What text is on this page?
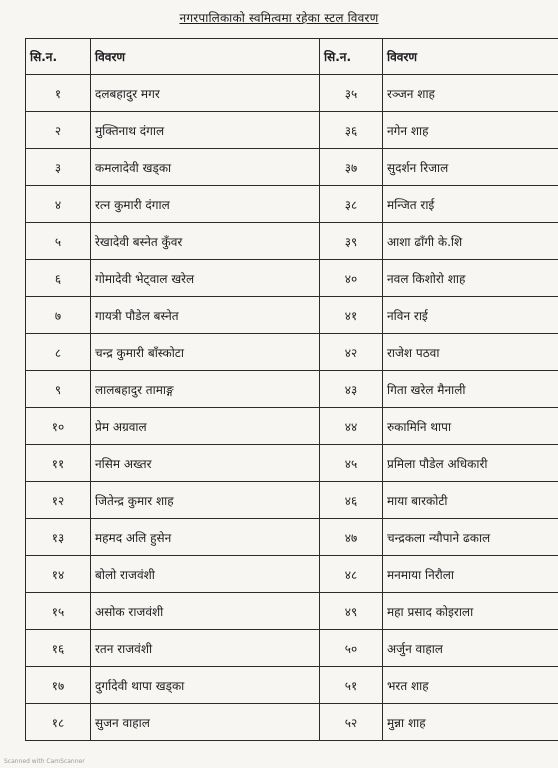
नगरपालिकाको स्वमित्वमा रहेका स्टल विवरण
सि.न.	विवरण	सि.न.	विवरण
१	दलबहादुर मगर	३५	रञ्जन शाह
२	मुक्तिनाथ दंगाल	३६	नगेन शाह
३	कमलादेवी खड्का	३७	सुदर्शन रिजाल
४	रत्न कुमारी दंगाल	३८	मन्जित राई
५	रेखादेवी बस्नेत कुँवर	३९	आशा ढाँगी के.शि
६	गोमादेवी भेट्वाल खरेल	४०	नवल किशोरो शाह
७	गायत्री पौडेल बस्नेत	४१	नविन राई
८	चन्द्र कुमारी बाँस्कोटा	४२	राजेश पठवा
९	लालबहादुर तामाङ्ग	४३	गिता खरेल मैनाली
१०	प्रेम अग्रवाल	४४	रुकामिनि थापा
११	नसिम अख्तर	४५	प्रमिला पौडेल अधिकारी
१२	जितेन्द्र कुमार शाह	४६	माया बारकोटी
१३	महमद अलि हुसेन	४७	चन्द्रकला न्यौपाने ढकाल
१४	बोलो राजवंशी	४८	मनमाया निरौला
१५	असोक राजवंशी	४९	महा प्रसाद कोइराला
१६	रतन राजवंशी	५०	अर्जुन वाहाल
१७	दुर्गादेवी थापा खड्का	५१	भरत शाह
१८	सुजन वाहाल	५२	मुन्ना शाह
Scanned with CamScanner
